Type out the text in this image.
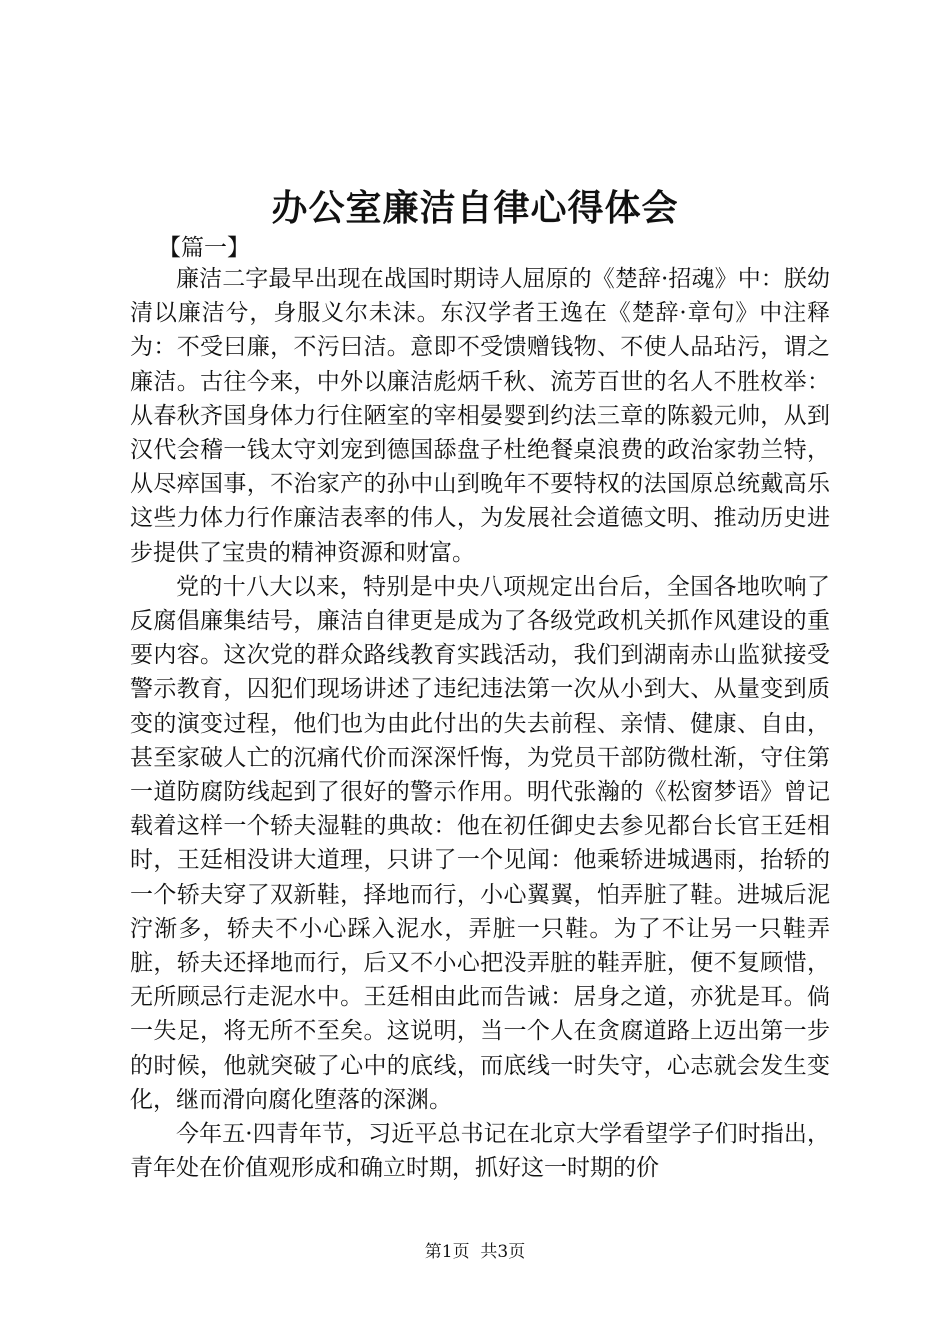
办公室廉洁自律心得体会
【篇一】

廉洁二字最早出现在战国时期诗人屈原的《楚辞·招魂》中：朕幼清以廉洁兮，身服义尔未沫。东汉学者王逸在《楚辞·章句》中注释为：不受曰廉，不污曰洁。意即不受馈赠钱物、不使人品玷污，谓之廉洁。古往今来，中外以廉洁彪炳千秋、流芳百世的名人不胜枚举：从春秋齐国身体力行住陋室的宰相晏婴到约法三章的陈毅元帅，从到汉代会稽一钱太守刘宠到德国舔盘子杜绝餐桌浪费的政治家勃兰特，从尽瘁国事，不治家产的孙中山到晚年不要特权的法国原总统戴高乐这些力体力行作廉洁表率的伟人，为发展社会道德文明、推动历史进步提供了宝贵的精神资源和财富。

党的十八大以来，特别是中央八项规定出台后，全国各地吹响了反腐倡廉集结号，廉洁自律更是成为了各级党政机关抓作风建设的重要内容。这次党的群众路线教育实践活动，我们到湖南赤山监狱接受警示教育，囚犯们现场讲述了违纪违法第一次从小到大、从量变到质变的演变过程，他们也为由此付出的失去前程、亲情、健康、自由，甚至家破人亡的沉痛代价而深深忏悔，为党员干部防微杜渐，守住第一道防腐防线起到了很好的警示作用。明代张瀚的《松窗梦语》曾记载着这样一个轿夫湿鞋的典故：他在初任御史去参见都台长官王廷相时，王廷相没讲大道理，只讲了一个见闻：他乘轿进城遇雨，抬轿的一个轿夫穿了双新鞋，择地而行，小心翼翼，怕弄脏了鞋。进城后泥泞渐多，轿夫不小心踩入泥水，弄脏一只鞋。为了不让另一只鞋弄脏，轿夫还择地而行，后又不小心把没弄脏的鞋弄脏，便不复顾惜，无所顾忌行走泥水中。王廷相由此而告诫：居身之道，亦犹是耳。倘一失足，将无所不至矣。这说明，当一个人在贪腐道路上迈出第一步的时候，他就突破了心中的底线，而底线一时失守，心志就会发生变化，继而滑向腐化堕落的深渊。

今年五·四青年节，习近平总书记在北京大学看望学子们时指出，青年处在价值观形成和确立时期，抓好这一时期的价

第1页 共3页
